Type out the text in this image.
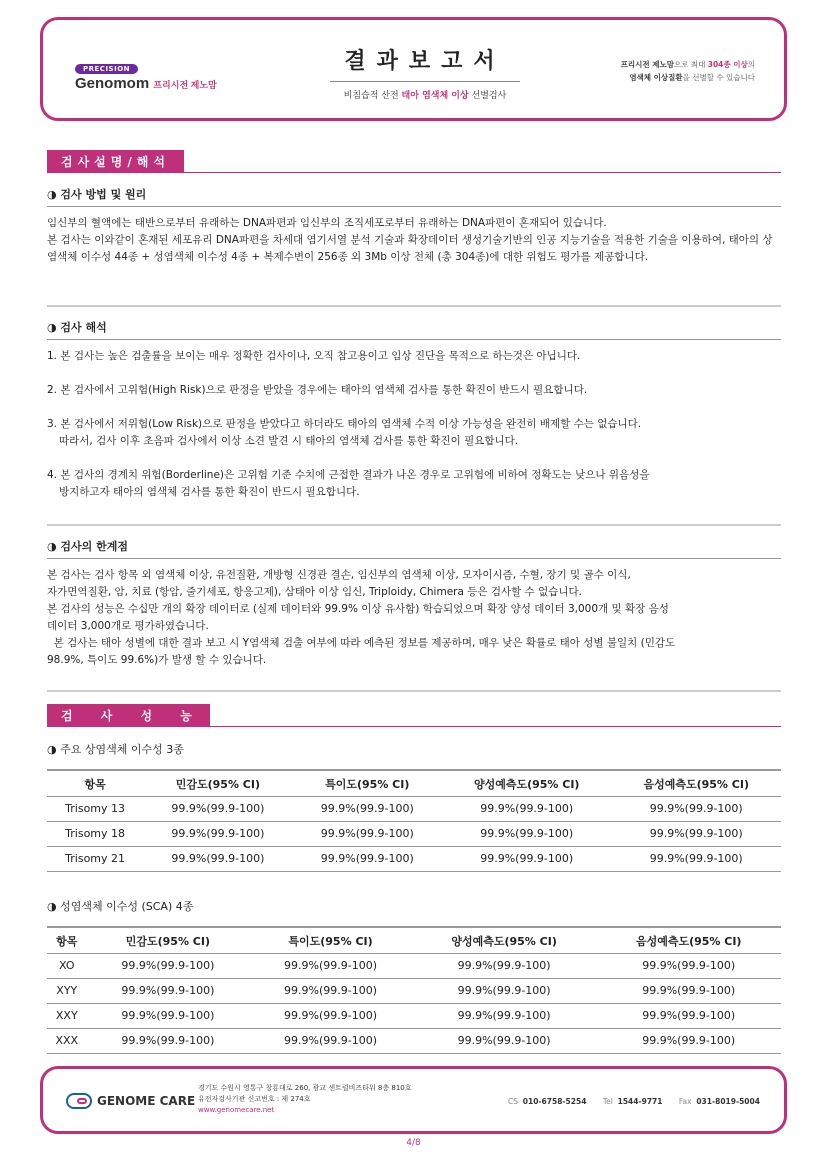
PRECISION
Genomom 프리시전 제노맘
결과보고서
비침습적 산전 태아 염색체 이상 선별검사
프리시전 제노맘으로 최대 304종 이상의
염색체 이상질환을 선별할 수 있습니다
검사설명/해석
◑ 검사 방법 및 원리

임신부의 혈액에는 태반으로부터 유래하는 DNA파편과 임신부의 조직세포로부터 유래하는 DNA파편이 혼재되어 있습니다.

본 검사는 이와같이 혼재된 세포유리 DNA파편을 차세대 염기서열 분석 기술과 확장데이터 생성기술기반의 인공 지능기술을 적용한 기술을 이용하여, 태아의 상염색체 이수성 44종 + 성염색체 이수성 4종 + 복제수변이 256종 외 3Mb 이상 전체 (총 304종)에 대한 위험도 평가를 제공합니다.

◑ 검사 해석
1. 본 검사는 높은 검출률을 보이는 매우 정확한 검사이나, 오직 참고용이고 임상 진단을 목적으로 하는것은 아닙니다.
2. 본 검사에서 고위험(High Risk)으로 판정을 받았을 경우에는 태아의 염색체 검사를 통한 확진이 반드시 필요합니다.
3. 본 검사에서 저위험(Low Risk)으로 판정을 받았다고 하더라도 태아의 염색체 수적 이상 가능성을 완전히 배제할 수는 없습니다.
따라서, 검사 이후 초음파 검사에서 이상 소견 발견 시 태아의 염색체 검사를 통한 확진이 필요합니다.
4. 본 검사의 경계치 위험(Borderline)은 고위험 기준 수치에 근접한 결과가 나온 경우로 고위험에 비하여 정확도는 낮으나 위음성을
방지하고자 태아의 염색체 검사를 통한 확진이 반드시 필요합니다.
◑ 검사의 한계점
본 검사는 검사 항목 외 염색체 이상, 유전질환, 개방형 신경관 결손, 임신부의 염색체 이상, 모자이시즘, 수혈, 장기 및 골수 이식,
자가면역질환, 암, 치료 (항암, 줄기세포, 항응고제), 삼태아 이상 임신, Triploidy, Chimera 등은 검사할 수 없습니다.
본 검사의 성능은 수십만 개의 확장 데이터로 (실제 데이터와 99.9% 이상 유사함) 학습되었으며 확장 양성 데이터 3,000개 및 확장 음성
데이터 3,000개로 평가하였습니다.
본 검사는 태아 성별에 대한 결과 보고 시 Y염색체 검출 여부에 따라 예측된 정보를 제공하며, 매우 낮은 확률로 태아 성별 불일치 (민감도
98.9%, 특이도 99.6%)가 발생 할 수 있습니다.
검 사 성 능
◑ 주요 상염색체 이수성 3종
항목	민감도(95% CI)	특이도(95% CI)	양성예측도(95% CI)	음성예측도(95% CI)
Trisomy 13	99.9%(99.9-100)	99.9%(99.9-100)	99.9%(99.9-100)	99.9%(99.9-100)
Trisomy 18	99.9%(99.9-100)	99.9%(99.9-100)	99.9%(99.9-100)	99.9%(99.9-100)
Trisomy 21	99.9%(99.9-100)	99.9%(99.9-100)	99.9%(99.9-100)	99.9%(99.9-100)
◑ 성염색체 이수성 (SCA) 4종
항목	민감도(95% CI)	특이도(95% CI)	양성예측도(95% CI)	음성예측도(95% CI)
XO	99.9%(99.9-100)	99.9%(99.9-100)	99.9%(99.9-100)	99.9%(99.9-100)
XYY	99.9%(99.9-100)	99.9%(99.9-100)	99.9%(99.9-100)	99.9%(99.9-100)
XXY	99.9%(99.9-100)	99.9%(99.9-100)	99.9%(99.9-100)	99.9%(99.9-100)
XXX	99.9%(99.9-100)	99.9%(99.9-100)	99.9%(99.9-100)	99.9%(99.9-100)
GENOME CARE
경기도 수원시 영통구 창룡대로 260, 광교 센트럴비즈타워 8층 810호
유전자검사기관 신고번호 : 제 274호
www.genomecare.net
CS 010-6758-5254 Tel 1544-9771 Fax 031-8019-5004
4/8
